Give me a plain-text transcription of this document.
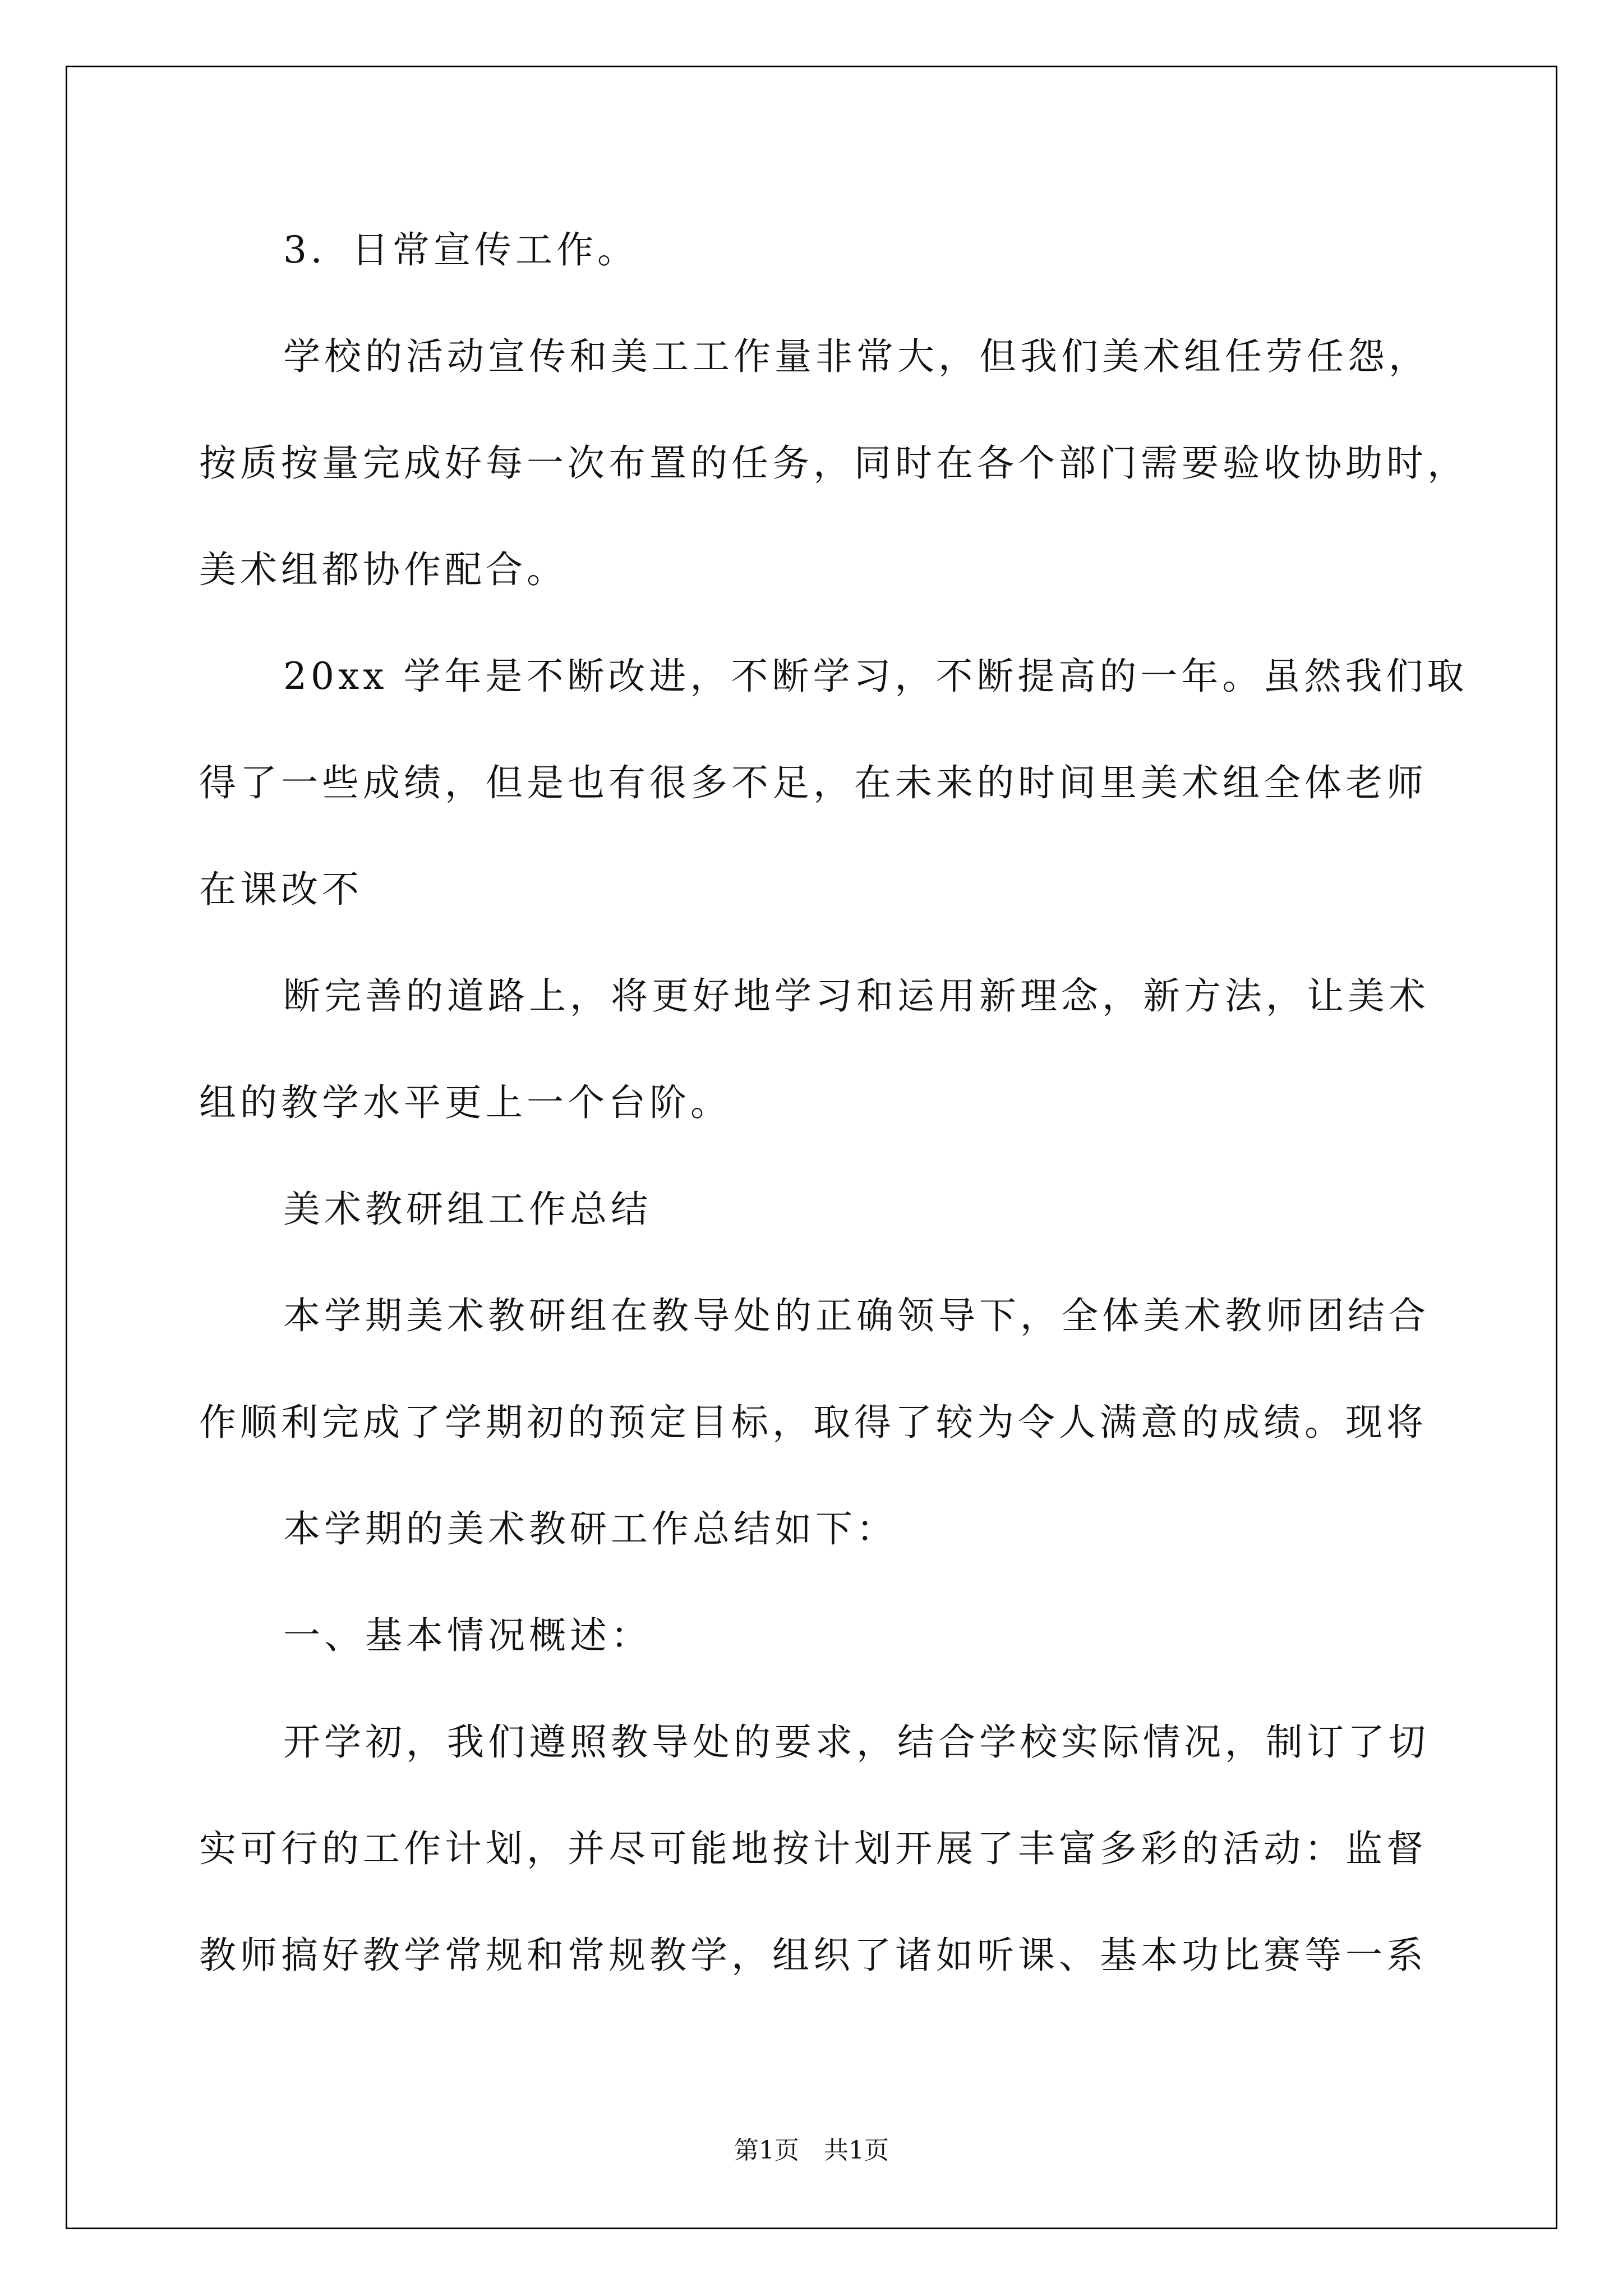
3．日常宣传工作。
学校的活动宣传和美工工作量非常大，但我们美术组任劳任怨，
按质按量完成好每一次布置的任务，同时在各个部门需要验收协助时，
美术组都协作配合。
20xx 学年是不断改进，不断学习，不断提高的一年。虽然我们取
得了一些成绩，但是也有很多不足，在未来的时间里美术组全体老师
在课改不
断完善的道路上，将更好地学习和运用新理念，新方法，让美术
组的教学水平更上一个台阶。
美术教研组工作总结
本学期美术教研组在教导处的正确领导下，全体美术教师团结合
作顺利完成了学期初的预定目标，取得了较为令人满意的成绩。现将
本学期的美术教研工作总结如下：
一、基本情况概述：
开学初，我们遵照教导处的要求，结合学校实际情况，制订了切
实可行的工作计划，并尽可能地按计划开展了丰富多彩的活动：监督
教师搞好教学常规和常规教学，组织了诸如听课、基本功比赛等一系
第1页　共1页
